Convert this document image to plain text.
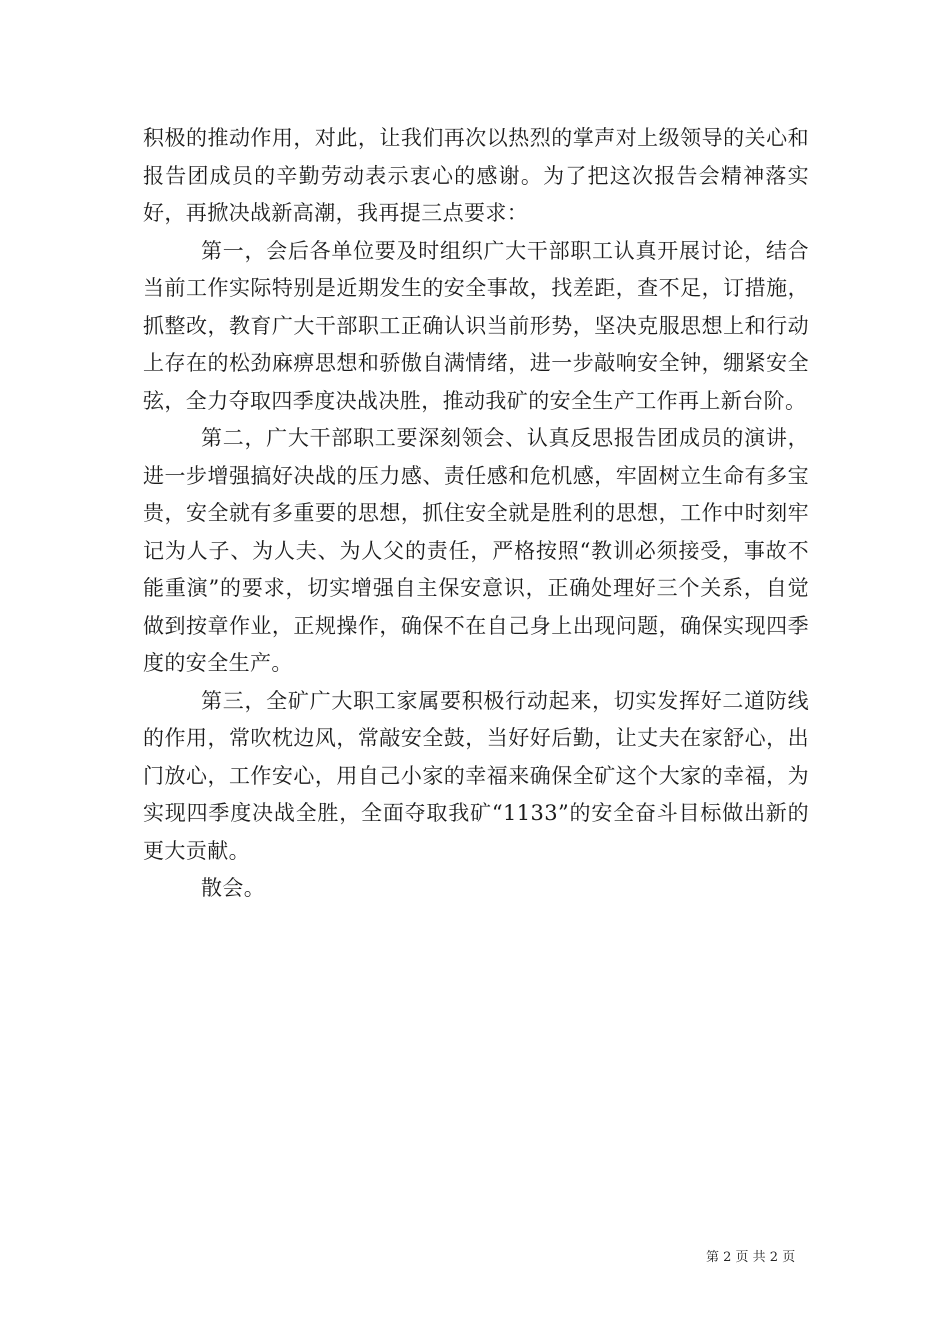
积极的推动作用，对此，让我们再次以热烈的掌声对上级领导的关心和报告团成员的辛勤劳动表示衷心的感谢。为了把这次报告会精神落实好，再掀决战新高潮，我再提三点要求：

第一，会后各单位要及时组织广大干部职工认真开展讨论，结合当前工作实际特别是近期发生的安全事故，找差距，查不足，订措施，抓整改，教育广大干部职工正确认识当前形势，坚决克服思想上和行动上存在的松劲麻痹思想和骄傲自满情绪，进一步敲响安全钟，绷紧安全弦，全力夺取四季度决战决胜，推动我矿的安全生产工作再上新台阶。

第二，广大干部职工要深刻领会、认真反思报告团成员的演讲，进一步增强搞好决战的压力感、责任感和危机感，牢固树立生命有多宝贵，安全就有多重要的思想，抓住安全就是胜利的思想，工作中时刻牢记为人子、为人夫、为人父的责任，严格按照“教训必须接受，事故不能重演”的要求，切实增强自主保安意识，正确处理好三个关系，自觉做到按章作业，正规操作，确保不在自己身上出现问题，确保实现四季度的安全生产。

第三，全矿广大职工家属要积极行动起来，切实发挥好二道防线的作用，常吹枕边风，常敲安全鼓，当好好后勤，让丈夫在家舒心，出门放心，工作安心，用自己小家的幸福来确保全矿这个大家的幸福，为实现四季度决战全胜，全面夺取我矿“1133”的安全奋斗目标做出新的更大贡献。

散会。

第 2 页 共 2 页
